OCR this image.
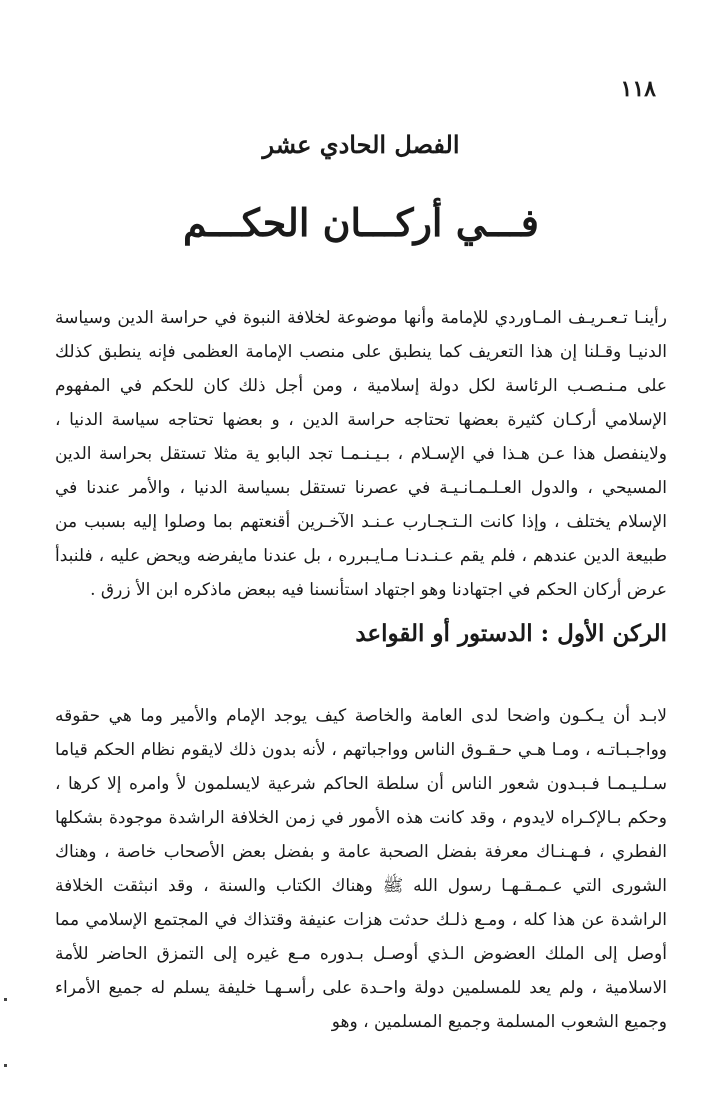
١١٨
الفصل الحادي عشر
فـــي أركـــان الحكـــم

رأينـا تـعـريـف المـاوردي للإمامة وأنها موضوعة لخلافة النبوة في حراسة الدين وسياسة الدنيـا وقـلنا إن هذا التعريف كما ينطبق على منصب الإمامة العظمى فإنه ينطبق كذلك على مـنـصـب الرئاسة لكل دولة إسلامية ، ومن أجل ذلك كان للحكم في المفهوم الإسلامي أركـان كثيرة بعضها تحتاجه حراسة الدين ، و بعضها تحتاجه سياسة الدنيا ، ولاينفصل هذا عـن هـذا في الإسـلام ، بـيـنـمـا تجد البابو ية مثلا تستقل بحراسة الدين المسيحي ، والدول العـلـمـانـيـة في عصرنا تستقل بسياسة الدنيا ، والأمر عندنا في الإسلام يختلف ، وإذا كانت الـتـجـارب عـنـد الآخـرين أقنعتهم بما وصلوا إليه بسبب من طبيعة الدين عندهم ، فلم يقم عـنـدنـا مـايـبرره ، بل عندنا مايفرضه ويحض عليه ، فلنبدأ عرض أركان الحكم في اجتهادنا وهو اجتهاد استأنسنا فيه ببعض ماذكره ابن الأ زرق .

الركن الأول : الدستور أو القواعد

لابـد أن يـكـون واضحا لدى العامة والخاصة كيف يوجد الإمام والأمير وما هي حقوقه وواجـبـاتـه ، ومـا هـي حـقـوق الناس وواجباتهم ، لأنه بدون ذلك لايقوم نظام الحكم قياما سـلـيـمـا فـبـدون شعور الناس أن سلطة الحاكم شرعية لايسلمون لأ وامره إلا كرها ، وحكم بـالإكـراه لايدوم ، وقد كانت هذه الأمور في زمن الخلافة الراشدة موجودة بشكلها الفطري ، فـهـنـاك معرفة بفضل الصحبة عامة و بفضل بعض الأصحاب خاصة ، وهناك الشورى التي عـمـقـهـا رسول الله ﷺ وهناك الكتاب والسنة ، وقد انبثقت الخلافة الراشدة عن هذا كله ، ومـع ذلـك حدثت هزات عنيفة وقتذاك في المجتمع الإسلامي مما أوصل إلى الملك العضوض الـذي أوصـل بـدوره مـع غيره إلى التمزق الحاضر للأمة الاسلامية ، ولم يعد للمسلمين دولة واحـدة على رأسـهـا خليفة يسلم له جميع الأمراء وجميع الشعوب المسلمة وجميع المسلمين ، وهو
